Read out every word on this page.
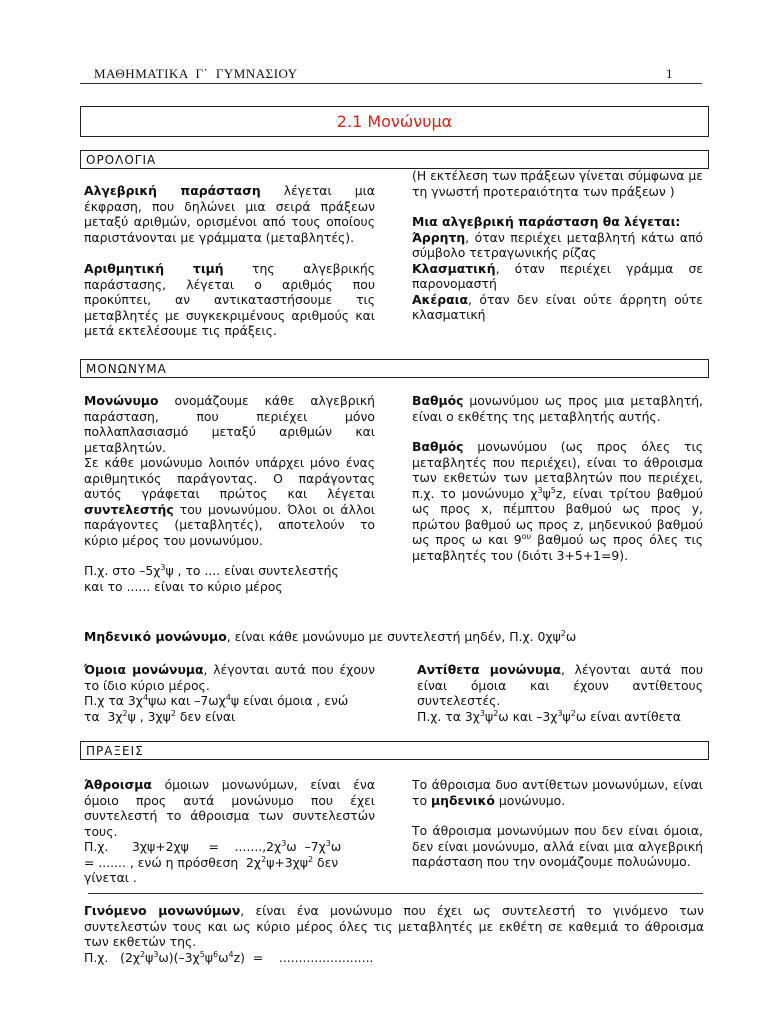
ΜΑΘΗΜΑΤΙΚΑ  Γ΄  ΓΥΜΝΑΣΙΟΥ	1
2.1 Μονώνυμα
ΟΡΟΛΟΓΙΑ
Αλγεβρική παράσταση λέγεται μια έκφραση, που δηλώνει μια σειρά πράξεων μεταξύ αριθμών, ορισμένοι από τους οποίους παριστάνονται με γράμματα (μεταβλητές).
Αριθμητική τιμή της αλγεβρικής παράστασης, λέγεται ο αριθμός που προκύπτει, αν αντικαταστήσουμε τις μεταβλητές με συγκεκριμένους αριθμούς και μετά εκτελέσουμε τις πράξεις.
(Η εκτέλεση των πράξεων γίνεται σύμφωνα με τη γνωστή προτεραιότητα των πράξεων )
Μια αλγεβρική παράσταση θα λέγεται:
Άρρητη, όταν περιέχει μεταβλητή κάτω από σύμβολο τετραγωνικής ρίζας
Κλασματική, όταν περιέχει γράμμα σε παρονομαστή
Ακέραια, όταν δεν είναι ούτε άρρητη ούτε κλασματική
ΜΟΝΩΝΥΜΑ
Μονώνυμο ονομάζουμε κάθε αλγεβρική παράσταση, που περιέχει μόνο πολλαπλασιασμό μεταξύ αριθμών και μεταβλητών.
Σε κάθε μονώνυμο λοιπόν υπάρχει μόνο ένας αριθμητικός παράγοντας. Ο παράγοντας αυτός γράφεται πρώτος και λέγεται συντελεστής του μονωνύμου. Όλοι οι άλλοι παράγοντες (μεταβλητές), αποτελούν το κύριο μέρος του μονωνύμου.
Π.χ. στο $-5\chi^3\psi$ , το .... είναι συντελεστής
και το ...... είναι το κύριο μέρος
Βαθμός μονωνύμου ως προς μια μεταβλητή, είναι ο εκθέτης της μεταβλητής αυτής.
Βαθμός μονωνύμου (ως προς όλες τις μεταβλητές που περιέχει), είναι το άθροισμα των εκθετών των μεταβλητών που περιέχει, π.χ. το μονώνυμο $\chi^3\psi^5z$, είναι τρίτου βαθμού ως προς x, πέμπτου βαθμού ως προς y, πρώτου βαθμού ως προς z, μηδενικού βαθμού ως προς ω και $9^{o\upsilon}$ βαθμού ως προς όλες τις μεταβλητές του (διότι 3+5+1=9).
Μηδενικό μονώνυμο, είναι κάθε μονώνυμο με συντελεστή μηδέν, Π.χ. $0\chi\psi^2\omega$
Όμοια μονώνυμα, λέγονται αυτά που έχουν το ίδιο κύριο μέρος.
Π.χ τα $3\chi^4\psi\omega$ και $-7\omega\chi^4\psi$ είναι όμοια , ενώ
τα  $3\chi^2\psi$ , $3\chi\psi^2$ δεν είναι
Αντίθετα μονώνυμα, λέγονται αυτά που είναι όμοια και έχουν αντίθετους συντελεστές.
Π.χ. τα $3\chi^3\psi^2\omega$ και $-3\chi^3\psi^2\omega$ είναι αντίθετα
ΠΡΑΞΕΙΣ
Άθροισμα όμοιων μονωνύμων, είναι ένα όμοιο προς αυτά μονώνυμο που έχει συντελεστή το άθροισμα των συντελεστών τους.
Π.χ.      3χψ+2χψ     =    $.......,2\chi^3\omega$  $-7\chi^3\omega$
= ....... , ενώ η πρόσθεση  $2\chi^2\psi+3\chi\psi^2$ δεν
γίνεται .
Το άθροισμα δυο αντίθετων μονωνύμων, είναι το μηδενικό μονώνυμο.
Το άθροισμα μονωνύμων που δεν είναι όμοια, δεν είναι μονώνυμο, αλλά είναι μια αλγεβρική παράσταση που την ονομάζουμε πολυώνυμο.
Γινόμενο μονωνύμων, είναι ένα μονώνυμο που έχει ως συντελεστή το γινόμενο των συντελεστών τους και ως κύριο μέρος όλες τις μεταβλητές με εκθέτη σε καθεμιά το άθροισμα των εκθετών της.
Π.χ.   $(2\chi^2\psi^3\omega)(-3\chi^5\psi^6\omega^4z)$  =    ........................
